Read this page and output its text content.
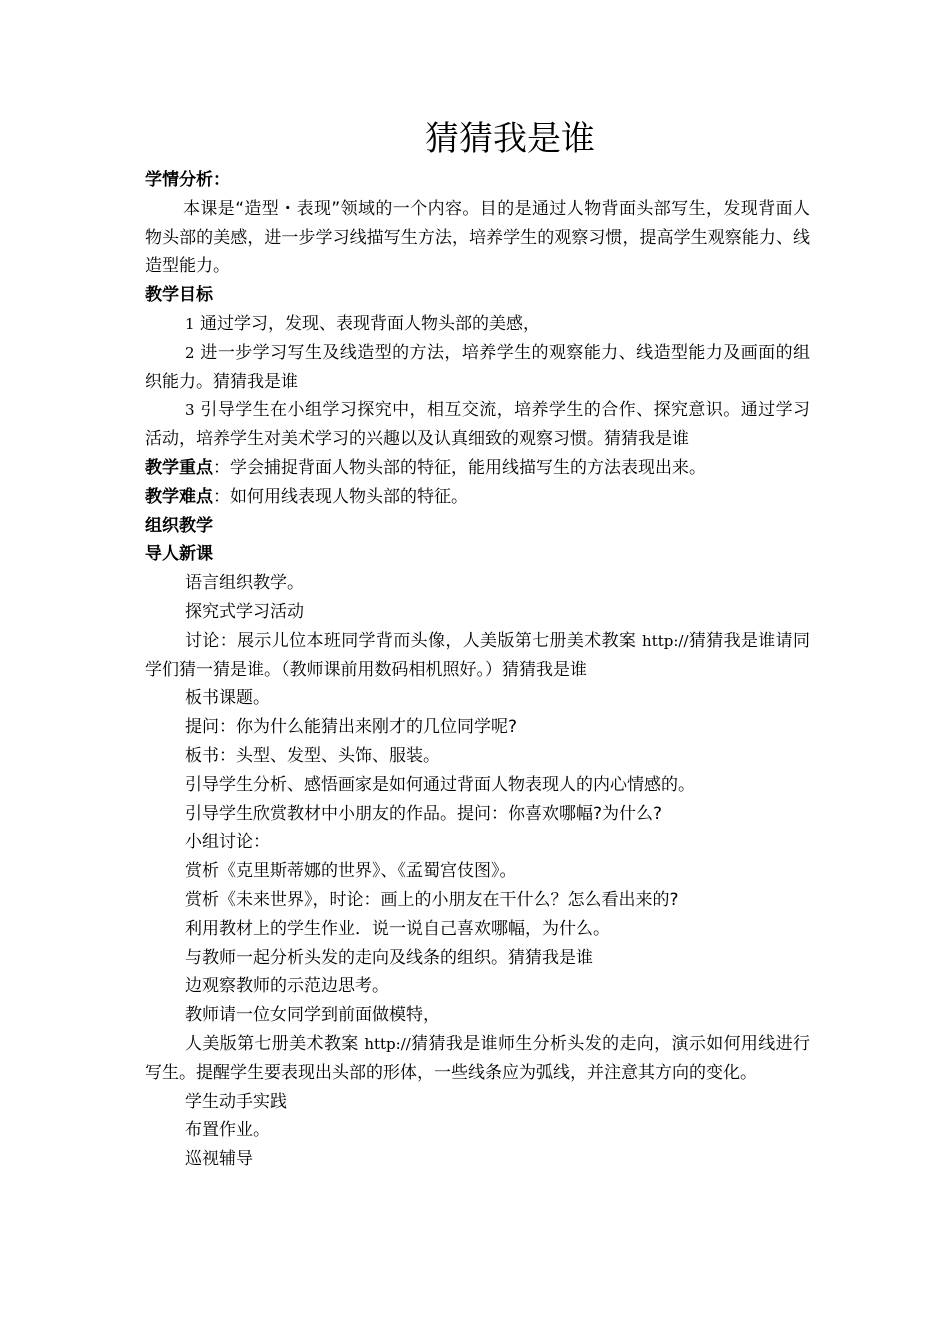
猜猜我是谁

学情分析：

本课是“造型・表现”领域的一个内容。目的是通过人物背面头部写生，发现背面人物头部的美感，进一步学习线描写生方法，培养学生的观察习惯，提高学生观察能力、线造型能力。

教学目标

1 通过学习，发现、表现背面人物头部的美感，

2 进一步学习写生及线造型的方法，培养学生的观察能力、线造型能力及画面的组织能力。猜猜我是谁

3 引导学生在小组学习探究中，相互交流，培养学生的合作、探究意识。通过学习活动，培养学生对美术学习的兴趣以及认真细致的观察习惯。猜猜我是谁

教学重点：学会捕捉背面人物头部的特征，能用线描写生的方法表现出来。

教学难点：如何用线表现人物头部的特征。

组织教学

导人新课

语言组织教学。

探究式学习活动

讨论：展示儿位本班同学背而头像，人美版第七册美术教案 http://猜猜我是谁请同学们猜一猜是谁。（教师课前用数码相机照好。）猜猜我是谁

板书课题。

提问：你为什么能猜出来刚才的几位同学呢?

板书：头型、发型、头饰、服装。

引导学生分析、感悟画家是如何通过背面人物表现人的内心情感的。

引导学生欣赏教材中小朋友的作品。提问：你喜欢哪幅?为什么?

小组讨论：

赏析《克里斯蒂娜的世界》、《孟蜀宫伎图》。

赏析《未来世界》，时论：画上的小朋友在干什么？怎么看出来的?

利用教材上的学生作业．说一说自己喜欢哪幅，为什么。

与教师一起分析头发的走向及线条的组织。猜猜我是谁

边观察教师的示范边思考。

教师请一位女同学到前面做模特，

人美版第七册美术教案 http://猜猜我是谁师生分析头发的走向，演示如何用线进行写生。提醒学生要表现出头部的形体，一些线条应为弧线，并注意其方向的变化。

学生动手实践

布置作业。

巡视辅导
